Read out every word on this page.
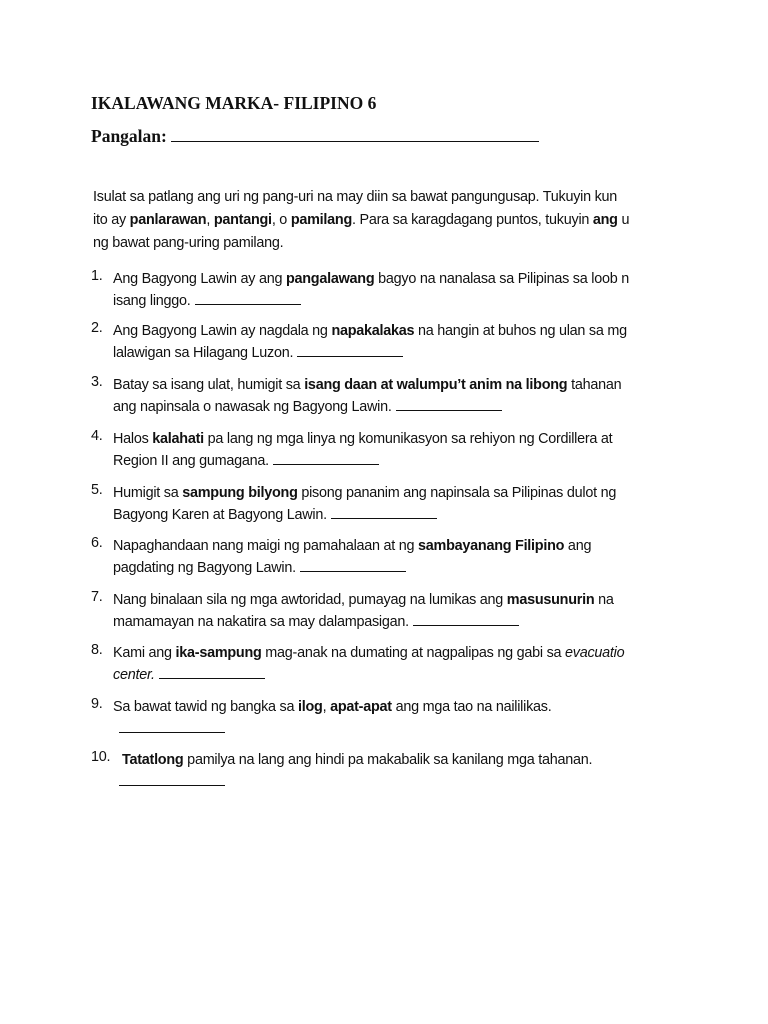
IKALAWANG MARKA- FILIPINO 6
Pangalan:
Isulat sa patlang ang uri ng pang-uri na may diin sa bawat pangungusap. Tukuyin kun
ito ay panlarawan, pantangi, o pamilang. Para sa karagdagang puntos, tukuyin ang u
ng bawat pang-uring pamilang.
1. Ang Bagyong Lawin ay ang pangalawang bagyo na nanalasa sa Pilipinas sa loob n
isang linggo.
2. Ang Bagyong Lawin ay nagdala ng napakalakas na hangin at buhos ng ulan sa mg
lalawigan sa Hilagang Luzon.
3. Batay sa isang ulat, humigit sa isang daan at walumpu’t anim na libong tahanan
ang napinsala o nawasak ng Bagyong Lawin.
4. Halos kalahati pa lang ng mga linya ng komunikasyon sa rehiyon ng Cordillera at
Region II ang gumagana.
5. Humigit sa sampung bilyong pisong pananim ang napinsala sa Pilipinas dulot ng
Bagyong Karen at Bagyong Lawin.
6. Napaghandaan nang maigi ng pamahalaan at ng sambayanang Filipino ang
pagdating ng Bagyong Lawin.
7. Nang binalaan sila ng mga awtoridad, pumayag na lumikas ang masusunurin na
mamamayan na nakatira sa may dalampasigan.
8. Kami ang ika-sampung mag-anak na dumating at nagpalipas ng gabi sa evacuatio
center.
9. Sa bawat tawid ng bangka sa ilog, apat-apat ang mga tao na naililikas.
10. Tatatlong pamilya na lang ang hindi pa makabalik sa kanilang mga tahanan.
